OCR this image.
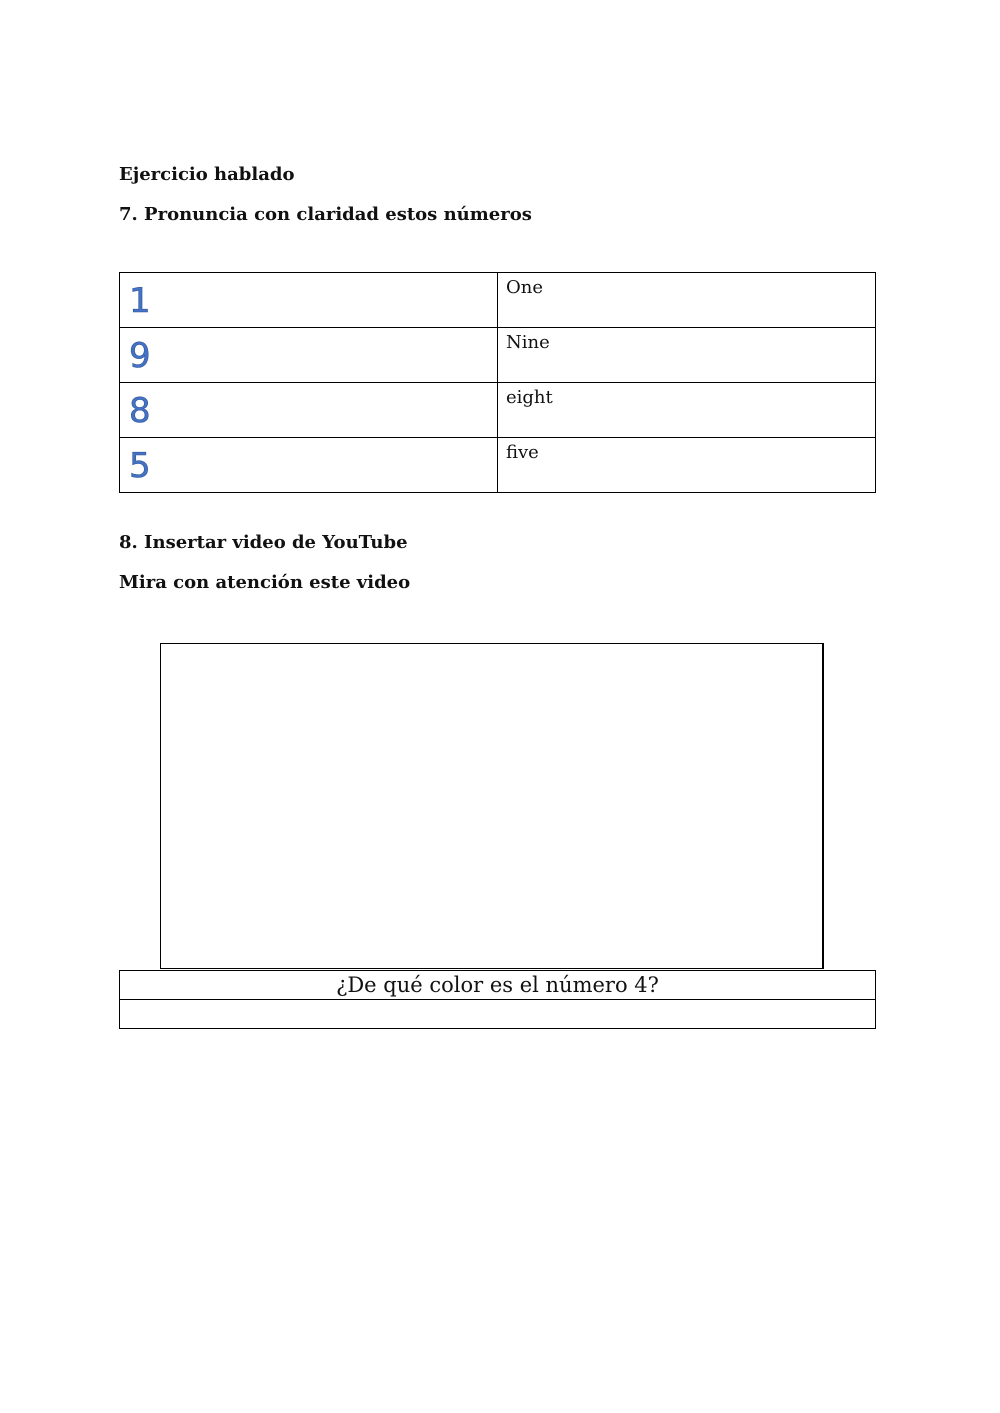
Ejercicio hablado

7. Pronuncia con claridad estos números

1	One

9	Nine

8	eight

5	five

8. Insertar video de YouTube

Mira con atención este video

¿De qué color es el número 4?
